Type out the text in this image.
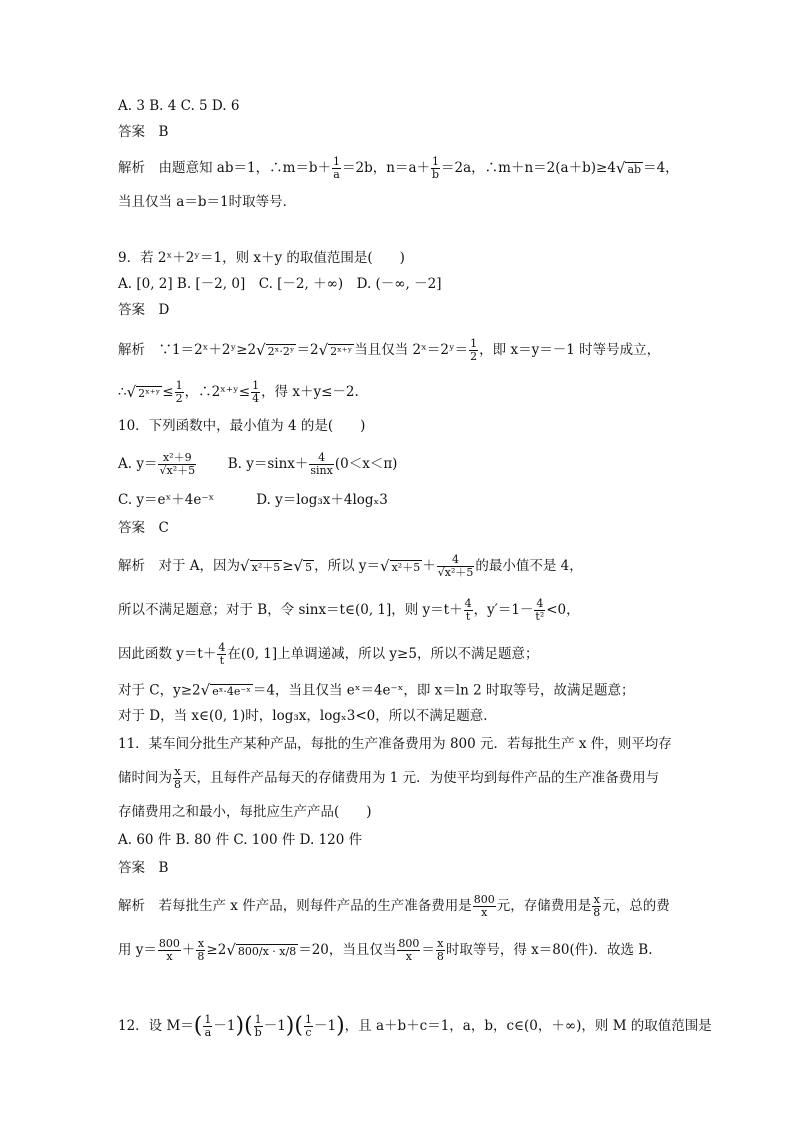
A. 3 B. 4 C. 5 D. 6
答案　B
解析　由题意知 ab＝1，∴m＝b＋ $\frac{1}{a} =2b$，$n=a+ \frac{1}{b} =2a$，∴m＋n＝2(a＋b)≥4√ ab ＝4，
当且仅当 a＝b＝1时取等号．
9．若 2ˣ＋2ʸ＝1，则 x＋y 的取值范围是(　　)
A. [0, 2] B. [－2, 0]　C. [－2, ＋∞)　D. (－∞, －2]
答案　D
解析　∵1＝2ˣ＋2ʸ≥2√ 2ˣ·2ʸ ＝2√ 2ˣ⁺ʸ 当且仅当 2ˣ＝2ʸ＝ $\frac{1}{2}$ ，即 x＝y＝－1 时等号成立，
∴√ 2ˣ⁺ʸ ≤ $\frac{1}{2}$ ，∴2ˣ⁺ʸ≤ $\frac{1}{4}$ ，得 x＋y≤－2.
10．下列函数中，最小值为 4 的是(　　)
A. $y= \frac{\text{x²＋9}}{\text{√x²＋5}} B$. $y=\sin x+ \frac{4}{\sin x} (0<x<\pi)$
C. y＝eˣ＋4e⁻ˣ	D. y＝log₃x＋4logₓ3
答案　C
解析　对于 A，因为√ x²＋5 ≥√ 5 ，所以 y＝√ $x^2+5 + \frac{4}{\text{√x²＋5}}$ 的最小值不是 4，
所以不满足题意；对于 B，令 sinx＝t∈(0, 1]，则 $y=t+ \frac{4}{t}$ ，$y'=1- \frac{4}{\text{t²}} <0$，
因此函数 $y=t+ \frac{4}{t}$ 在(0, 1]上单调递减，所以 y≥5，所以不满足题意；
对于 C，y≥2√ eˣ·4e⁻ˣ ＝4，当且仅当 eˣ＝4e⁻ˣ，即 x＝ln 2 时取等号，故满足题意；
对于 D，当 x∈(0, 1)时，log₃x，logₓ3<0，所以不满足题意．
11．某车间分批生产某种产品，每批的生产准备费用为 800 元．若每批生产 x 件，则平均存
储时间为 $\frac{x}{8}$ 天，且每件产品每天的存储费用为 1 元．为使平均到每件产品的生产准备费用与
存储费用之和最小，每批应生产产品(　　)
A. 60 件 B. 80 件 C. 100 件 D. 120 件
答案　B
解析　若每批生产 x 件产品，则每件产品的生产准备费用是 $\frac{800}{x}$ 元，存储费用是 $\frac{x}{8}$ 元，总的费
用 $y= \frac{800}{x} + \frac{x}{8} \ge 2√$ 800/x · x/8 ＝20，当且仅当 $\frac{800}{x} = \frac{x}{8}$ 时取等号，得 x＝80(件)．故选 B.
12．设 $M=( \frac{1}{a} -1)( \frac{1}{b} -1)( \frac{1}{c} -1)$，且 a＋b＋c＝1，a，b，c∈(0，＋∞)，则 M 的取值范围是
